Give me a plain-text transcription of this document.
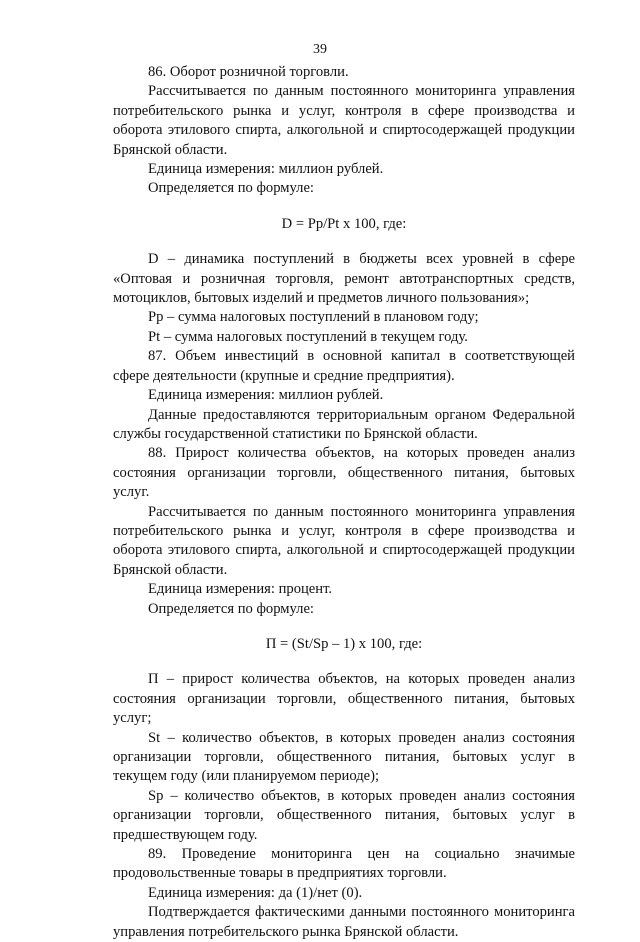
39

86. Оборот розничной торговли.

Рассчитывается по данным постоянного мониторинга управления потребительского рынка и услуг, контроля в сфере производства и оборота этилового спирта, алкогольной и спиртосодержащей продукции Брянской области.

Единица измерения: миллион рублей.

Определяется по формуле:

D = Pp/Pt x 100, где:

D – динамика поступлений в бюджеты всех уровней в сфере «Оптовая и розничная торговля, ремонт автотранспортных средств, мотоциклов, бытовых изделий и предметов личного пользования»;

Pp – сумма налоговых поступлений в плановом году;

Pt – сумма налоговых поступлений в текущем году.

87. Объем инвестиций в основной капитал в соответствующей сфере деятельности (крупные и средние предприятия).

Единица измерения: миллион рублей.

Данные предоставляются территориальным органом Федеральной службы государственной статистики по Брянской области.

88. Прирост количества объектов, на которых проведен анализ состояния организации торговли, общественного питания, бытовых услуг.

Рассчитывается по данным постоянного мониторинга управления потребительского рынка и услуг, контроля в сфере производства и оборота этилового спирта, алкогольной и спиртосодержащей продукции Брянской области.

Единица измерения: процент.

Определяется по формуле:

П = (St/Sp – 1) x 100, где:

П – прирост количества объектов, на которых проведен анализ состояния организации торговли, общественного питания, бытовых услуг;

St – количество объектов, в которых проведен анализ состояния организации торговли, общественного питания, бытовых услуг в текущем году (или планируемом периоде);

Sp – количество объектов, в которых проведен анализ состояния организации торговли, общественного питания, бытовых услуг в предшествующем году.

89. Проведение мониторинга цен на социально значимые продовольственные товары в предприятиях торговли.

Единица измерения: да (1)/нет (0).

Подтверждается фактическими данными постоянного мониторинга управления потребительского рынка Брянской области.
